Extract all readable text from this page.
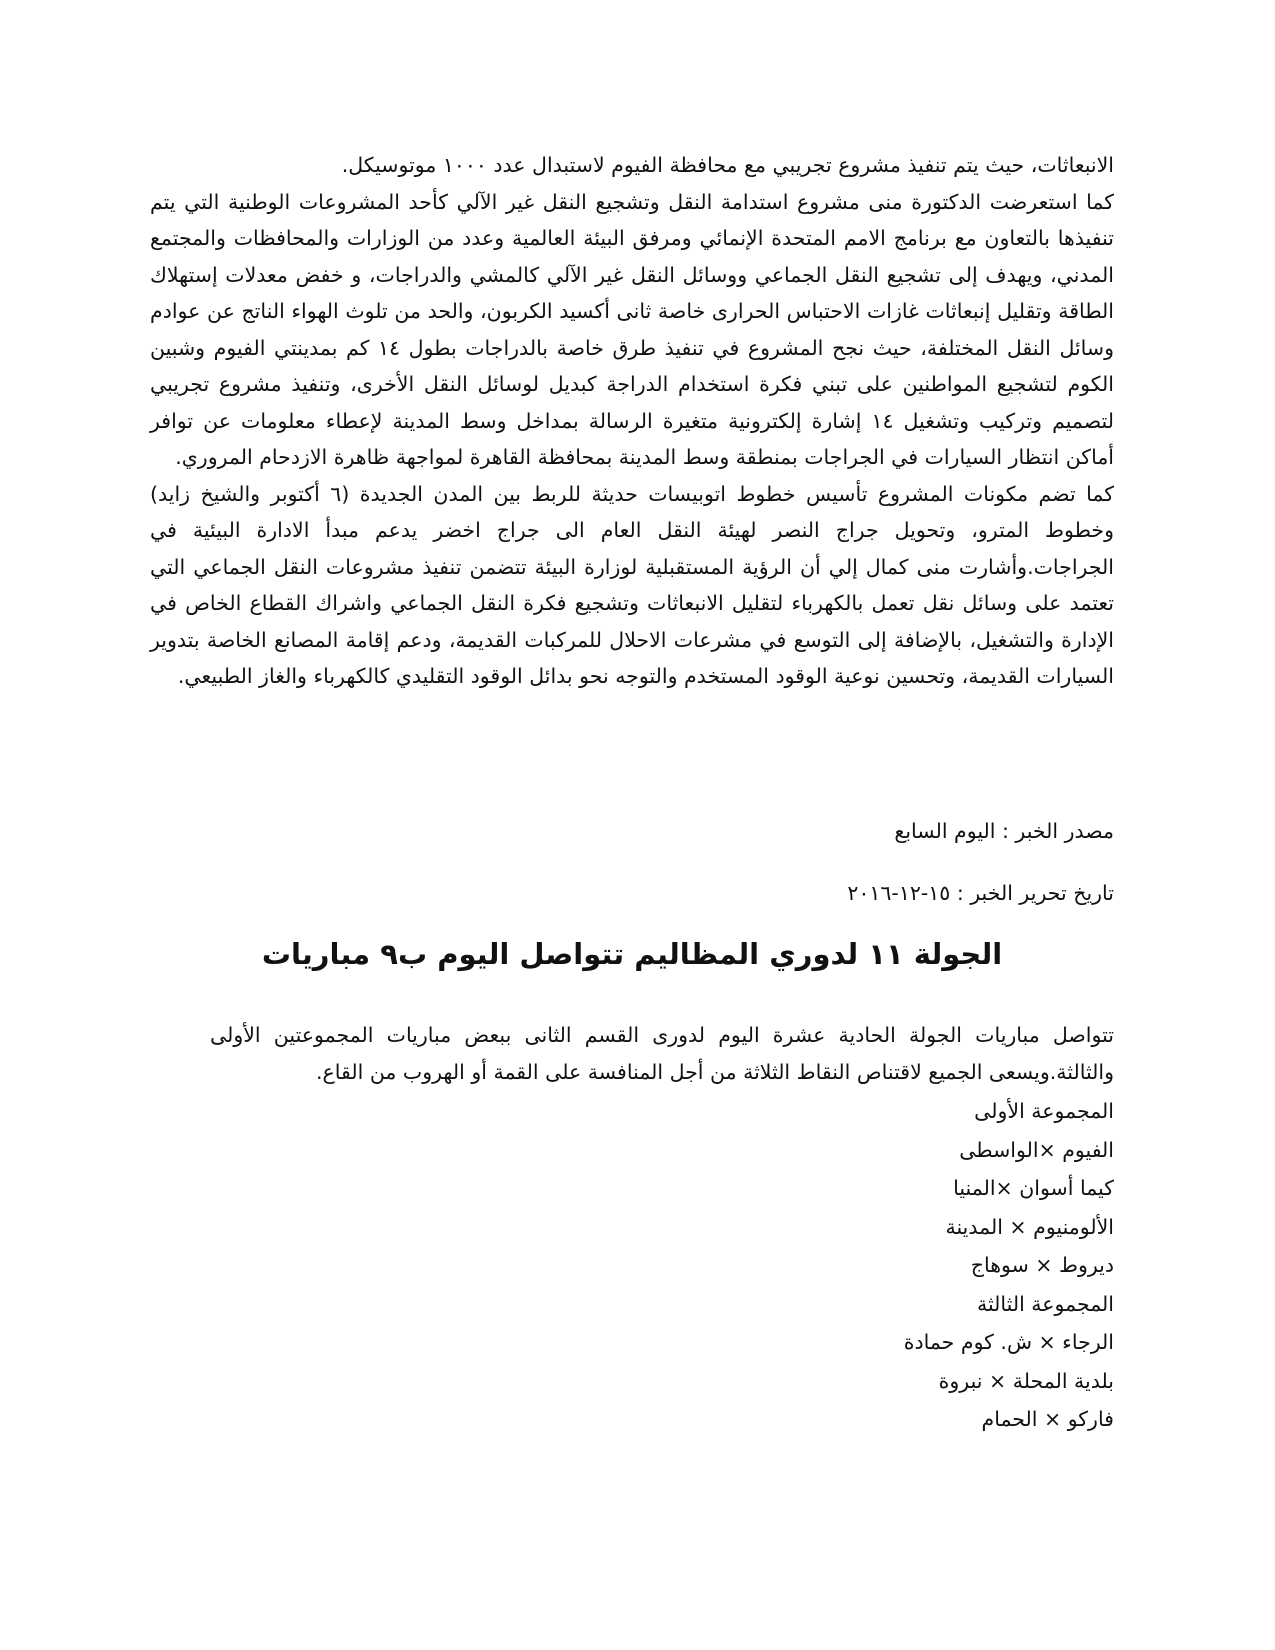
الانبعاثات، حيث يتم تنفيذ مشروع تجريبي مع محافظة الفيوم لاستبدال عدد ١٠٠٠ موتوسيكل.

كما استعرضت الدكتورة منى مشروع استدامة النقل وتشجيع النقل غير الآلي كأحد المشروعات الوطنية التي يتم تنفيذها بالتعاون مع برنامج الامم المتحدة الإنمائي ومرفق البيئة العالمية وعدد من الوزارات والمحافظات والمجتمع المدني، ويهدف إلى تشجيع النقل الجماعي ووسائل النقل غير الآلي كالمشي والدراجات، و خفض معدلات إستهلاك الطاقة وتقليل إنبعاثات غازات الاحتباس الحرارى خاصة ثانى أكسيد الكربون، والحد من تلوث الهواء الناتج عن عوادم وسائل النقل المختلفة، حيث نجح المشروع في تنفيذ طرق خاصة بالدراجات بطول ١٤ كم بمدينتي الفيوم وشبين الكوم لتشجيع المواطنين على تبني فكرة استخدام الدراجة كبديل لوسائل النقل الأخرى، وتنفيذ مشروع تجريبي لتصميم وتركيب وتشغيل ١٤ إشارة إلكترونية متغيرة الرسالة بمداخل وسط المدينة لإعطاء معلومات عن توافر أماكن انتظار السيارات في الجراجات بمنطقة وسط المدينة بمحافظة القاهرة لمواجهة ظاهرة الازدحام المروري.

كما تضم مكونات المشروع تأسيس خطوط اتوبيسات حديثة للربط بين المدن الجديدة (٦ أكتوبر والشيخ زايد) وخطوط المترو، وتحويل جراج النصر لهيئة النقل العام الى جراج اخضر يدعم مبدأ الادارة البيئية في الجراجات.وأشارت منى كمال إلي أن الرؤية المستقبلية لوزارة البيئة تتضمن تنفيذ مشروعات النقل الجماعي التي تعتمد على وسائل نقل تعمل بالكهرباء لتقليل الانبعاثات وتشجيع فكرة النقل الجماعي واشراك القطاع الخاص في الإدارة والتشغيل، بالإضافة إلى التوسع في مشرعات الاحلال للمركبات القديمة، ودعم إقامة المصانع الخاصة بتدوير السيارات القديمة، وتحسين نوعية الوقود المستخدم والتوجه نحو بدائل الوقود التقليدي كالكهرباء والغاز الطبيعي.

مصدر الخبر : اليوم السابع
تاريخ تحرير الخبر : ١٥-١٢-٢٠١٦
الجولة ١١ لدوري المظاليم تتواصل اليوم ب٩ مباريات

تتواصل مباريات الجولة الحادية عشرة اليوم لدورى القسم الثانى ببعض مباريات المجموعتين الأولى والثالثة.ويسعى الجميع لاقتناص النقاط الثلاثة من أجل المنافسة على القمة أو الهروب من القاع.

المجموعة الأولى
الفيوم ×الواسطى
كيما أسوان ×المنيا
الألومنيوم × المدينة
ديروط × سوهاج
المجموعة الثالثة
الرجاء × ش. كوم حمادة
بلدية المحلة × نبروة
فاركو × الحمام
